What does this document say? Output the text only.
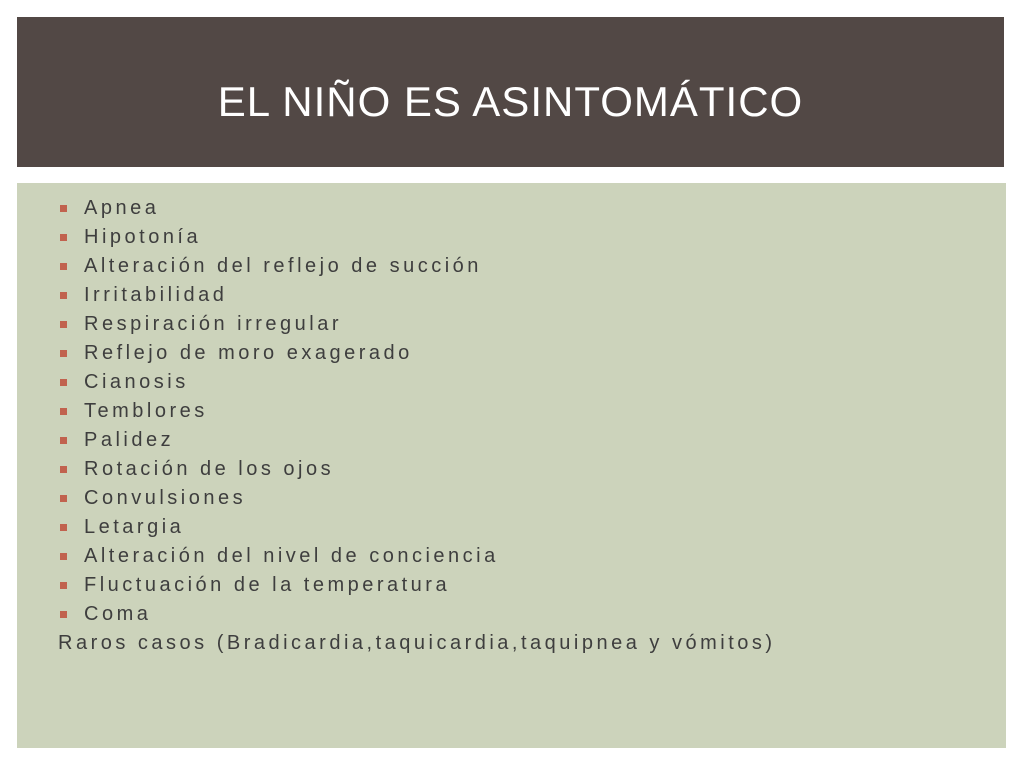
EL NIÑO ES ASINTOMÁTICO
Apnea
Hipotonía
Alteración del reflejo de succión
Irritabilidad
Respiración irregular
Reflejo de moro exagerado
Cianosis
Temblores
Palidez
Rotación de los ojos
Convulsiones
Letargia
Alteración del nivel de conciencia
Fluctuación de la temperatura
Coma
Raros casos (Bradicardia,taquicardia,taquipnea y vómitos)
